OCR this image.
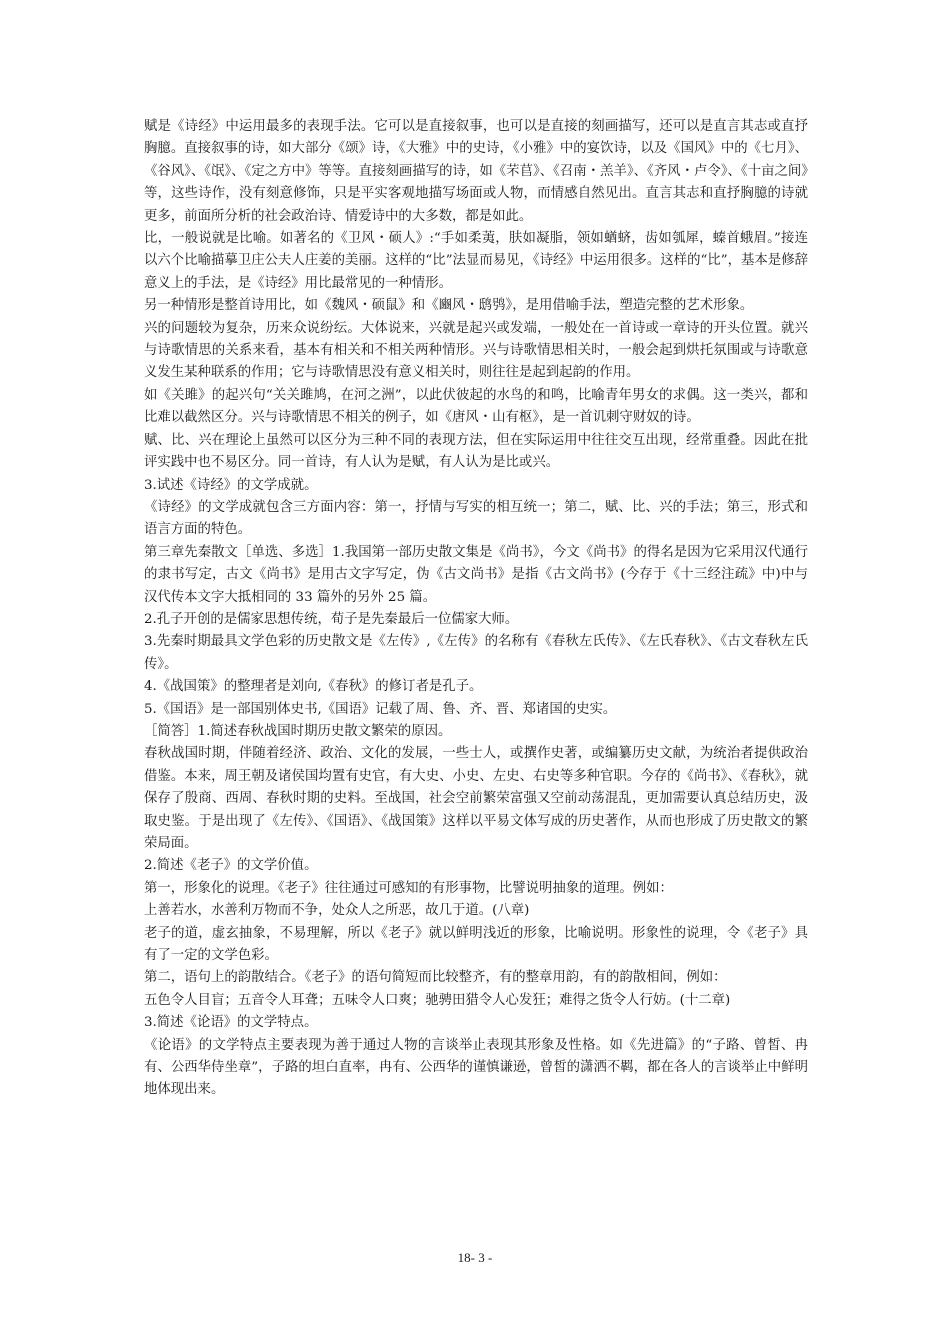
赋是《诗经》中运用最多的表现手法。它可以是直接叙事，也可以是直接的刻画描写，还可以是直言其志或直抒胸臆。直接叙事的诗，如大部分《颂》诗，《大雅》中的史诗，《小雅》中的宴饮诗，以及《国风》中的《七月》、《谷风》、《氓》、《定之方中》等等。直接刻画描写的诗，如《芣苢》、《召南・羔羊》、《齐风・卢令》、《十亩之间》等，这些诗作，没有刻意修饰，只是平实客观地描写场面或人物，而情感自然见出。直言其志和直抒胸臆的诗就更多，前面所分析的社会政治诗、情爱诗中的大多数，都是如此。

比，一般说就是比喻。如著名的《卫风・硕人》:“手如柔荑，肤如凝脂，领如蝤蛴，齿如瓠犀，螓首蛾眉。”接连以六个比喻描摹卫庄公夫人庄姜的美丽。这样的“比”法显而易见，《诗经》中运用很多。这样的“比”，基本是修辞意义上的手法，是《诗经》用比最常见的一种情形。

另一种情形是整首诗用比，如《魏风・硕鼠》和《豳风・鸱鸮》，是用借喻手法，塑造完整的艺术形象。

兴的问题较为复杂，历来众说纷纭。大体说来，兴就是起兴或发端，一般处在一首诗或一章诗的开头位置。就兴与诗歌情思的关系来看，基本有相关和不相关两种情形。兴与诗歌情思相关时，一般会起到烘托氛围或与诗歌意义发生某种联系的作用；它与诗歌情思没有意义相关时，则往往是起到起韵的作用。

如《关雎》的起兴句“关关雎鸠，在河之洲”，以此伏彼起的水鸟的和鸣，比喻青年男女的求偶。这一类兴，都和比难以截然区分。兴与诗歌情思不相关的例子，如《唐风・山有枢》，是一首讥刺守财奴的诗。

赋、比、兴在理论上虽然可以区分为三种不同的表现方法，但在实际运用中往往交互出现，经常重叠。因此在批评实践中也不易区分。同一首诗，有人认为是赋，有人认为是比或兴。

3.试述《诗经》的文学成就。

《诗经》的文学成就包含三方面内容：第一，抒情与写实的相互统一；第二，赋、比、兴的手法；第三，形式和语言方面的特色。

第三章先秦散文［单选、多选］1.我国第一部历史散文集是《尚书》，今文《尚书》的得名是因为它采用汉代通行的隶书写定，古文《尚书》是用古文字写定，伪《古文尚书》是指《古文尚书》(今存于《十三经注疏》中)中与汉代传本文字大抵相同的 33 篇外的另外 25 篇。

2.孔子开创的是儒家思想传统，荀子是先秦最后一位儒家大师。

3.先秦时期最具文学色彩的历史散文是《左传》,《左传》的名称有《春秋左氏传》、《左氏春秋》、《古文春秋左氏传》。

4.《战国策》的整理者是刘向,《春秋》的修订者是孔子。

5.《国语》是一部国别体史书,《国语》记载了周、鲁、齐、晋、郑诸国的史实。

［简答］1.简述春秋战国时期历史散文繁荣的原因。

春秋战国时期，伴随着经济、政治、文化的发展，一些士人，或撰作史著，或编纂历史文献，为统治者提供政治借鉴。本来，周王朝及诸侯国均置有史官，有大史、小史、左史、右史等多种官职。今存的《尚书》、《春秋》，就保存了殷商、西周、春秋时期的史料。至战国，社会空前繁荣富强又空前动荡混乱，更加需要认真总结历史，汲取史鉴。于是出现了《左传》、《国语》、《战国策》这样以平易文体写成的历史著作，从而也形成了历史散文的繁荣局面。

2.简述《老子》的文学价值。

第一，形象化的说理。《老子》往往通过可感知的有形事物，比譬说明抽象的道理。例如：

上善若水，水善利万物而不争，处众人之所恶，故几于道。(八章)

老子的道，虚玄抽象，不易理解，所以《老子》就以鲜明浅近的形象，比喻说明。形象性的说理，令《老子》具有了一定的文学色彩。

第二，语句上的韵散结合。《老子》的语句简短而比较整齐，有的整章用韵，有的韵散相间，例如：

五色令人目盲；五音令人耳聋；五味令人口爽；驰骋田猎令人心发狂；难得之货令人行妨。(十二章)

3.简述《论语》的文学特点。

《论语》的文学特点主要表现为善于通过人物的言谈举止表现其形象及性格。如《先进篇》的“子路、曾皙、冉有、公西华侍坐章”，子路的坦白直率，冉有、公西华的谨慎谦逊，曾皙的潇洒不羁，都在各人的言谈举止中鲜明地体现出来。

18- 3 -
